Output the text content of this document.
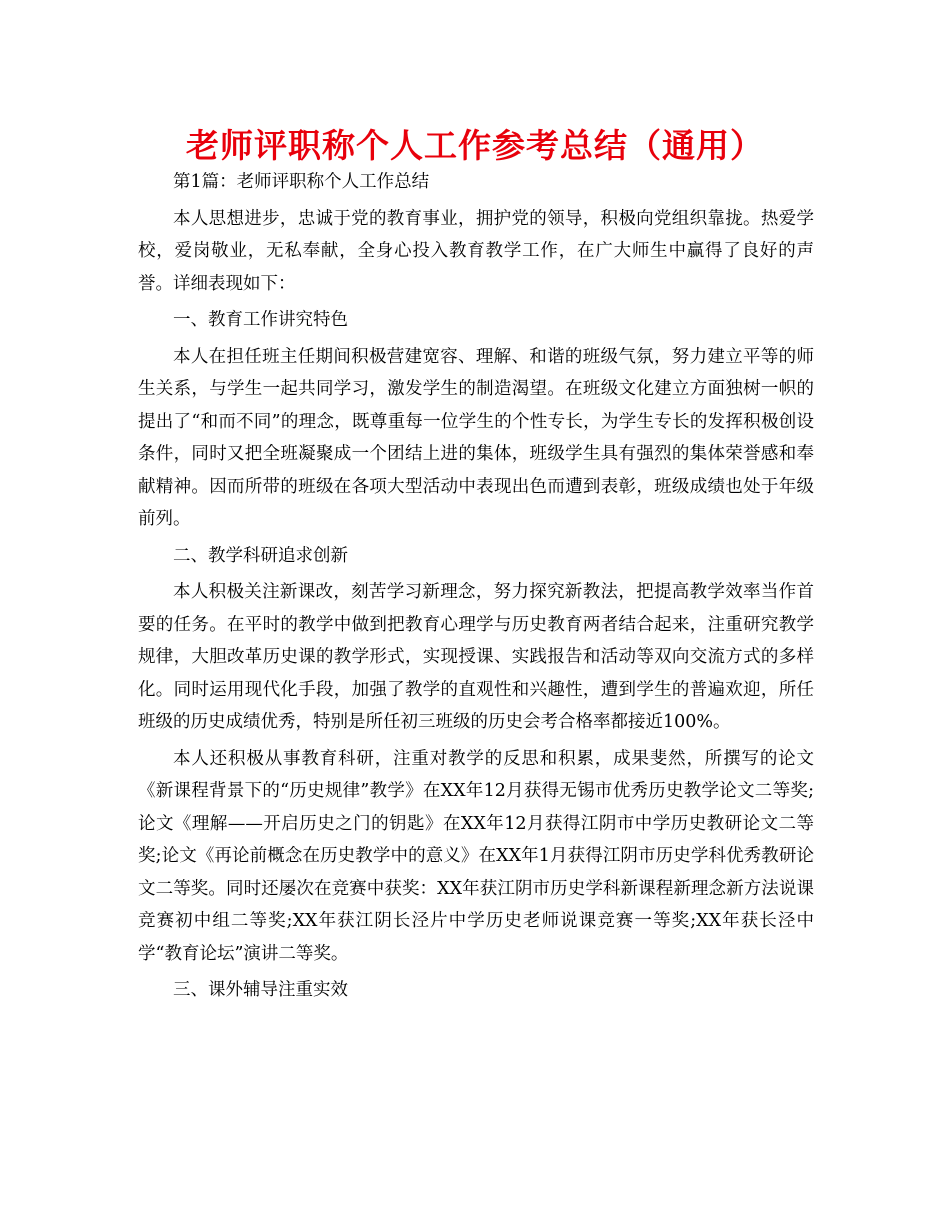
老师评职称个人工作参考总结（通用）

第1篇：老师评职称个人工作总结

本人思想进步，忠诚于党的教育事业，拥护党的领导，积极向党组织靠拢。热爱学校，爱岗敬业，无私奉献，全身心投入教育教学工作，在广大师生中赢得了良好的声誉。详细表现如下：

一、教育工作讲究特色

本人在担任班主任期间积极营建宽容、理解、和谐的班级气氛，努力建立平等的师生关系，与学生一起共同学习，激发学生的制造渴望。在班级文化建立方面独树一帜的提出了“和而不同”的理念，既尊重每一位学生的个性专长，为学生专长的发挥积极创设条件，同时又把全班凝聚成一个团结上进的集体，班级学生具有强烈的集体荣誉感和奉献精神。因而所带的班级在各项大型活动中表现出色而遭到表彰，班级成绩也处于年级前列。

二、教学科研追求创新

本人积极关注新课改，刻苦学习新理念，努力探究新教法，把提高教学效率当作首要的任务。在平时的教学中做到把教育心理学与历史教育两者结合起来，注重研究教学规律，大胆改革历史课的教学形式，实现授课、实践报告和活动等双向交流方式的多样化。同时运用现代化手段，加强了教学的直观性和兴趣性，遭到学生的普遍欢迎，所任班级的历史成绩优秀，特别是所任初三班级的历史会考合格率都接近100%。

本人还积极从事教育科研，注重对教学的反思和积累，成果斐然，所撰写的论文《新课程背景下的“历史规律”教学》在XX年12月获得无锡市优秀历史教学论文二等奖;论文《理解——开启历史之门的钥匙》在XX年12月获得江阴市中学历史教研论文二等奖;论文《再论前概念在历史教学中的意义》在XX年1月获得江阴市历史学科优秀教研论文二等奖。同时还屡次在竞赛中获奖：XX年获江阴市历史学科新课程新理念新方法说课竞赛初中组二等奖;XX年获江阴长泾片中学历史老师说课竞赛一等奖;XX年获长泾中学“教育论坛”演讲二等奖。

三、课外辅导注重实效
